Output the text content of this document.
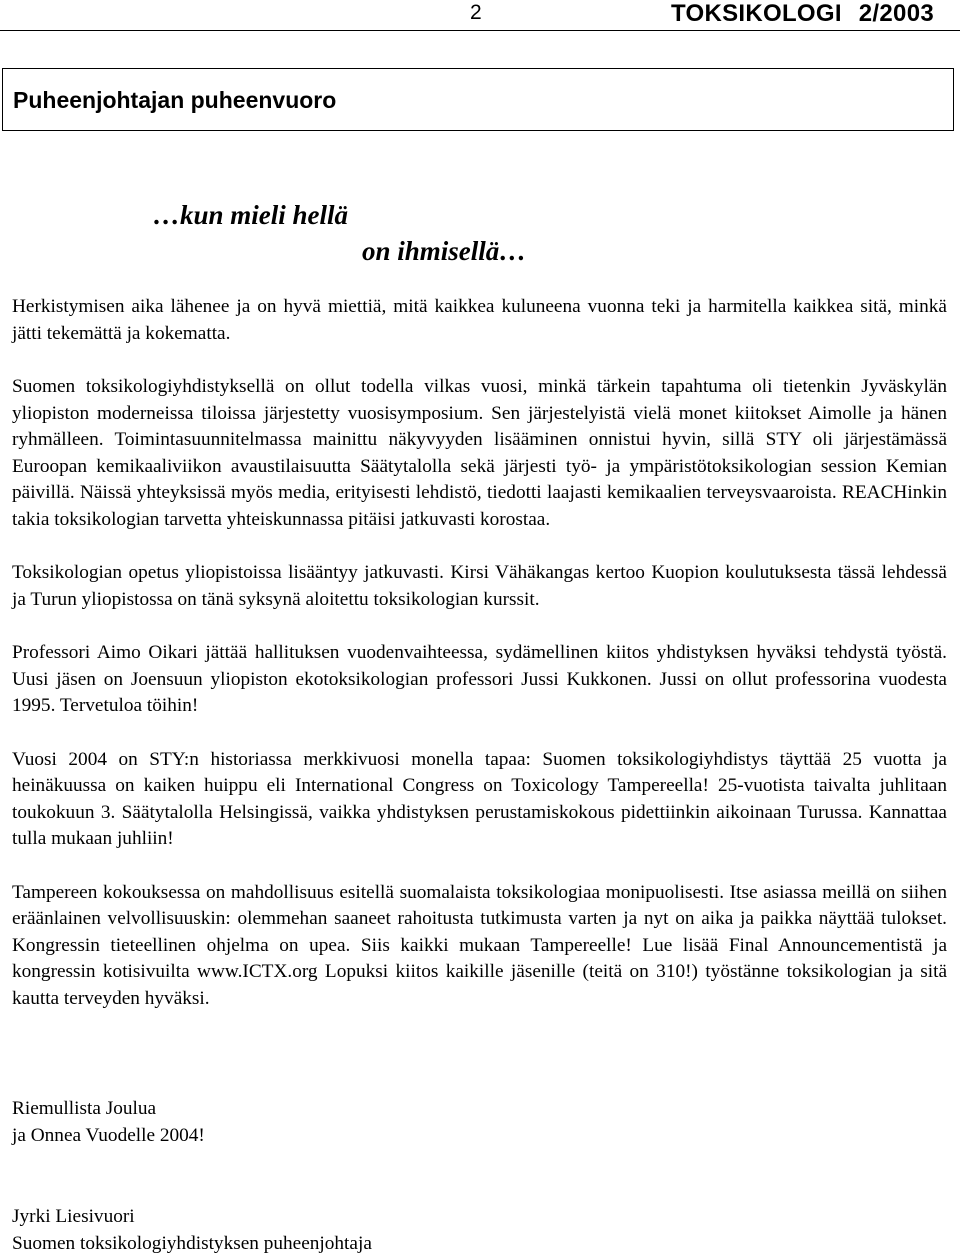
2	TOKSIKOLOGI 2/2003
Puheenjohtajan puheenvuoro
…kun mieli hellä
on ihmisellä…

Herkistymisen aika lähenee ja on hyvä miettiä, mitä kaikkea kuluneena vuonna teki ja harmitella kaikkea sitä, minkä jätti tekemättä ja kokematta.

Suomen toksikologiyhdistyksellä on ollut todella vilkas vuosi, minkä tärkein tapahtuma oli tietenkin Jyväskylän yliopiston moderneissa tiloissa järjestetty vuosisymposium. Sen järjestelyistä vielä monet kiitokset Aimolle ja hänen ryhmälleen. Toimintasuunnitelmassa mainittu näkyvyyden lisääminen onnistui hyvin, sillä STY oli järjestämässä Euroopan kemikaaliviikon avaustilaisuutta Säätytalolla sekä järjesti työ- ja ympäristötoksikologian session Kemian päivillä. Näissä yhteyksissä myös media, erityisesti lehdistö, tiedotti laajasti kemikaalien terveysvaaroista. REACHinkin takia toksikologian tarvetta yhteiskunnassa pitäisi jatkuvasti korostaa.

Toksikologian opetus yliopistoissa lisääntyy jatkuvasti. Kirsi Vähäkangas kertoo Kuopion koulutuksesta tässä lehdessä ja Turun yliopistossa on tänä syksynä aloitettu toksikologian kurssit.

Professori Aimo Oikari jättää hallituksen vuodenvaihteessa, sydämellinen kiitos yhdistyksen hyväksi tehdystä työstä. Uusi jäsen on Joensuun yliopiston ekotoksikologian professori Jussi Kukkonen. Jussi on ollut professorina vuodesta 1995. Tervetuloa töihin!

Vuosi 2004 on STY:n historiassa merkkivuosi monella tapaa: Suomen toksikologiyhdistys täyttää 25 vuotta ja heinäkuussa on kaiken huippu eli International Congress on Toxicology Tampereella! 25-vuotista taivalta juhlitaan toukokuun 3. Säätytalolla Helsingissä, vaikka yhdistyksen perustamiskokous pidettiinkin aikoinaan Turussa. Kannattaa tulla mukaan juhliin!

Tampereen kokouksessa on mahdollisuus esitellä suomalaista toksikologiaa monipuolisesti. Itse asiassa meillä on siihen eräänlainen velvollisuuskin: olemmehan saaneet rahoitusta tutkimusta varten ja nyt on aika ja paikka näyttää tulokset. Kongressin tieteellinen ohjelma on upea. Siis kaikki mukaan Tampereelle! Lue lisää Final Announcementistä ja kongressin kotisivuilta www.ICTX.org Lopuksi kiitos kaikille jäsenille (teitä on 310!) työstänne toksikologian ja sitä kautta terveyden hyväksi.

Riemullista Joulua
ja Onnea Vuodelle 2004!
Jyrki Liesivuori
Suomen toksikologiyhdistyksen puheenjohtaja
